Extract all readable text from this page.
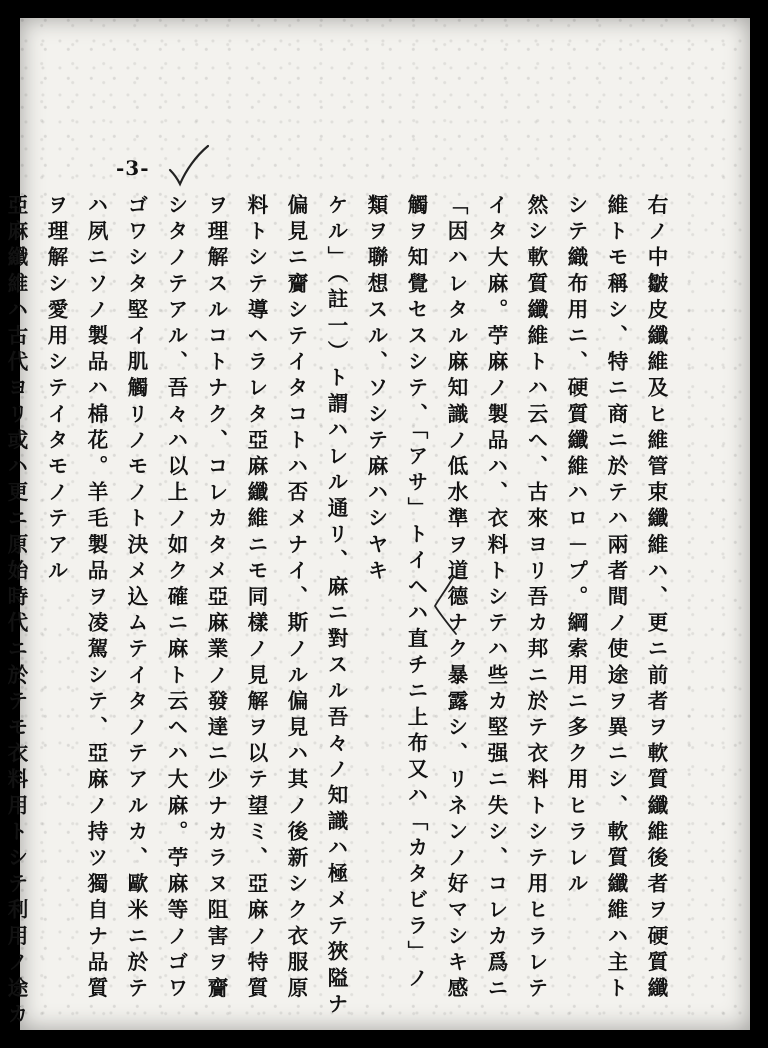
-3-
右ノ中皺皮纖維及ヒ維管束纖維ハ、更ニ前者ヲ軟質纖維後者ヲ硬質纖
維トモ稱シ、特ニ商ニ於テハ兩者間ノ使途ヲ異ニシ、軟質纖維ハ主ト
シテ織布用ニ、硬質纖維ハロ－プ。綱索用ニ多ク用ヒラレル
然シ軟質纖維トハ云ヘ、古來ヨリ吾カ邦ニ於テ衣料トシテ用ヒラレテ
イタ大麻。苧麻ノ製品ハ、衣料トシテハ些カ堅强ニ失シ、コレカ爲ニ
「因ハレタル麻知識ノ低水準ヲ道德ナク暴露シ、リネンノ好マシキ感
觸ヲ知覺セスシテ、「アサ」トイヘハ直チニ上布又ハ「カタビラ」ノ
類ヲ聯想スル、ソシテ麻ハシヤキ
ケル」（註一）ト謂ハレル通リ、麻ニ對スル吾々ノ知識ハ極メテ狹隘ナ
偏見ニ齎シテイタコトハ否メナイ、斯ノル偏見ハ其ノ後新シク衣服原
料トシテ導ヘラレタ亞麻纖維ニモ同樣ノ見解ヲ以テ望ミ、亞麻ノ特質
ヲ理解スルコトナク、コレカタメ亞麻業ノ發達ニ少ナカラヌ阻害ヲ齎
シタノテアル、吾々ハ以上ノ如ク確ニ麻ト云ヘハ大麻。苧麻等ノゴワ
ゴワシタ堅イ肌觸リノモノト決メ込ムテイタノテアルカ、歐米ニ於テ
ハ夙ニソノ製品ハ棉花。羊毛製品ヲ凌駕シテ、亞麻ノ持ツ獨自ナ品質
ヲ理解シ愛用シテイタモノテアル
亞麻纖維ハ古代ヨリ或ハ更ニ原始時代ニ於テモ衣料用トシテ利用ノ途カ
